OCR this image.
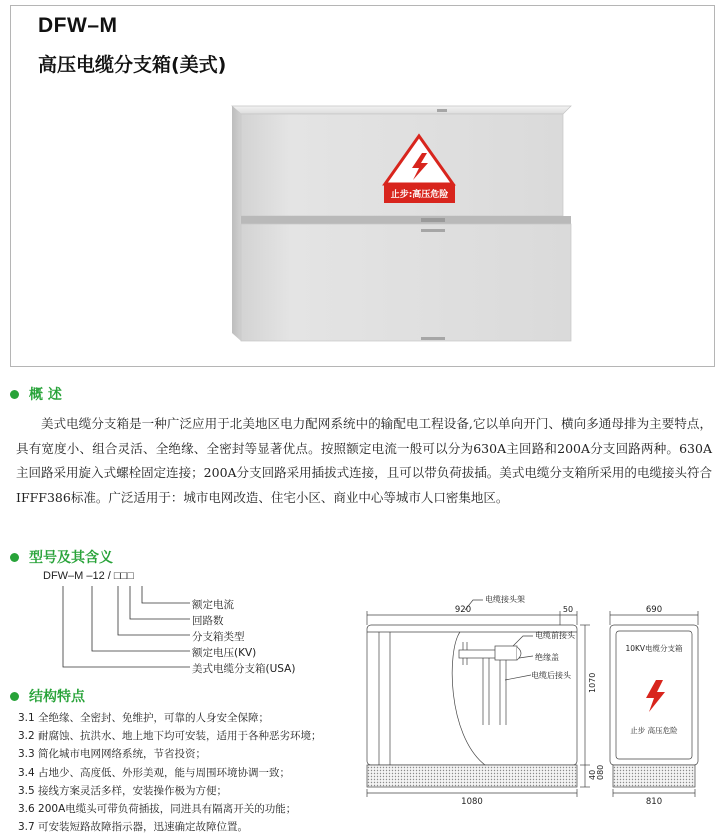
止步:高压危险
DFW–M
高压电缆分支箱(美式)
概 述

美式电缆分支箱是一种广泛应用于北美地区电力配网系统中的输配电工程设备,它以单向开门、横向多通母排为主要特点，具有宽度小、组合灵活、全绝缘、全密封等显著优点。按照额定电流一般可以分为630A主回路和200A分支回路两种。630A主回路采用旋入式螺栓固定连接；200A分支回路采用插拔式连接，且可以带负荷拔插。美式电缆分支箱所采用的电缆接头符合IFFF386标准。广泛适用于：城市电网改造、住宅小区、商业中心等城市人口密集地区。

型号及其含义
DFW–M –12 / □□□
额定电流
回路数
分支箱类型
额定电压(KV)
美式电缆分支箱(USA)
结构特点
3.1 全绝缘、全密封、免维护，可靠的人身安全保障；
3.2 耐腐蚀、抗洪水、地上地下均可安装，适用于各种恶劣环境；
3.3 简化城市电网网络系统，节省投资；
3.4 占地少、高度低、外形美观，能与周围环境协调一致；
3.5 接线方案灵活多样，安装操作极为方便；
3.6 200A电缆头可带负荷插拔，同进具有隔离开关的功能；
3.7 可安装短路故障指示器，迅速确定故障位置。
920	50
1070
40 080
1080
690
810
电缆接头架
电缆前接头
绝缘盖
电缆后接头
10KV电缆分支箱
止步 高压危险
